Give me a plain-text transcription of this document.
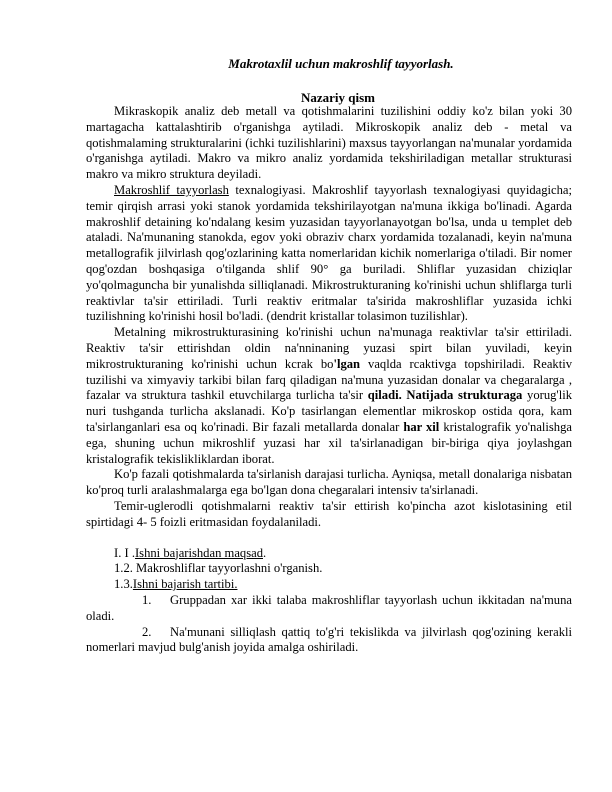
Makrotaxlil uchun makroshlif tayyorlash.
Nazariy qism

Mikraskopik analiz deb metall va qotishmalarini tuzilishini oddiy ko'z bilan yoki 30 martagacha kattalashtirib o'rganishga aytiladi. Mikroskopik analiz deb - metal va qotishmalaming strukturalarini (ichki tuzilishlarini) maxsus tayyorlangan na'munalar yordamida o'rganishga aytiladi. Makro va mikro analiz yordamida tekshiriladigan metallar strukturasi makro va mikro struktura deyiladi.

Makroshlif tayyorlash texnalogiyasi. Makroshlif tayyorlash texnalogiyasi quyidagicha; temir qirqish arrasi yoki stanok yordamida tekshirilayotgan na'muna ikkiga bo'linadi. Agarda makroshlif detaining ko'ndalang kesim yuzasidan tayyorlanayotgan bo'lsa, unda u templet deb ataladi. Na'munaning stanokda, egov yoki obraziv charx yordamida tozalanadi, keyin na'muna metallografik jilvirlash qog'ozlarining katta nomerlaridan kichik nomerlariga o'tiladi. Bir nomer qog'ozdan boshqasiga o'tilganda shlif 90° ga buriladi. Shliflar yuzasidan chiziqlar yo'qolmaguncha bir yunalishda silliqlanadi. Mikrostrukturaning ko'rinishi uchun shliflarga turli reaktivlar ta'sir ettiriladi. Turli reaktiv eritmalar ta'sirida makroshliflar yuzasida ichki tuzilishning ko'rinishi hosil bo'ladi. (dendrit kristallar tolasimon tuzilishlar).

Metalning mikrostrukturasining ko'rinishi uchun na'munaga reaktivlar ta'sir ettiriladi. Reaktiv ta'sir ettirishdan oldin na'nninaning yuzasi spirt bilan yuviladi, keyin mikrostrukturaning ko'rinishi uchun kcrak bo'lgan vaqlda rcaktivga topshiriladi. Reaktiv tuzilishi va ximyaviy tarkibi bilan farq qiladigan na'muna yuzasidan donalar va chegaralarga , fazalar va struktura tashkil etuvchilarga turlicha ta'sir qiladi. Natijada strukturaga yorug'lik nuri tushganda turlicha akslanadi. Ko'p tasirlangan elementlar mikroskop ostida qora, kam ta'sirlanganlari esa oq ko'rinadi. Bir fazali metallarda donalar har xil kristalografik yo'nalishga ega, shuning uchun mikroshlif yuzasi har xil ta'sirlanadigan bir-biriga qiya joylashgan kristalografik tekislikliklardan iborat.

Ko'p fazali qotishmalarda ta'sirlanish darajasi turlicha. Ayniqsa, metall donalariga nisbatan ko'proq turli aralashmalarga ega bo'lgan dona chegaralari intensiv ta'sirlanadi.

Temir-uglerodli qotishmalarni reaktiv ta'sir ettirish ko'pincha azot kislotasining etil spirtidagi 4- 5 foizli eritmasidan foydalaniladi.

I. I .Ishni bajarishdan maqsad.
1.2. Makroshliflar tayyorlashni o'rganish.
1.3.Ishni bajarish tartibi.

1. Gruppadan xar ikki talaba makroshliflar tayyorlash uchun ikkitadan na'muna oladi.

2. Na'munani silliqlash qattiq to'g'ri tekislikda va jilvirlash qog'ozining kerakli nomerlari mavjud bulg'anish joyida amalga oshiriladi.
